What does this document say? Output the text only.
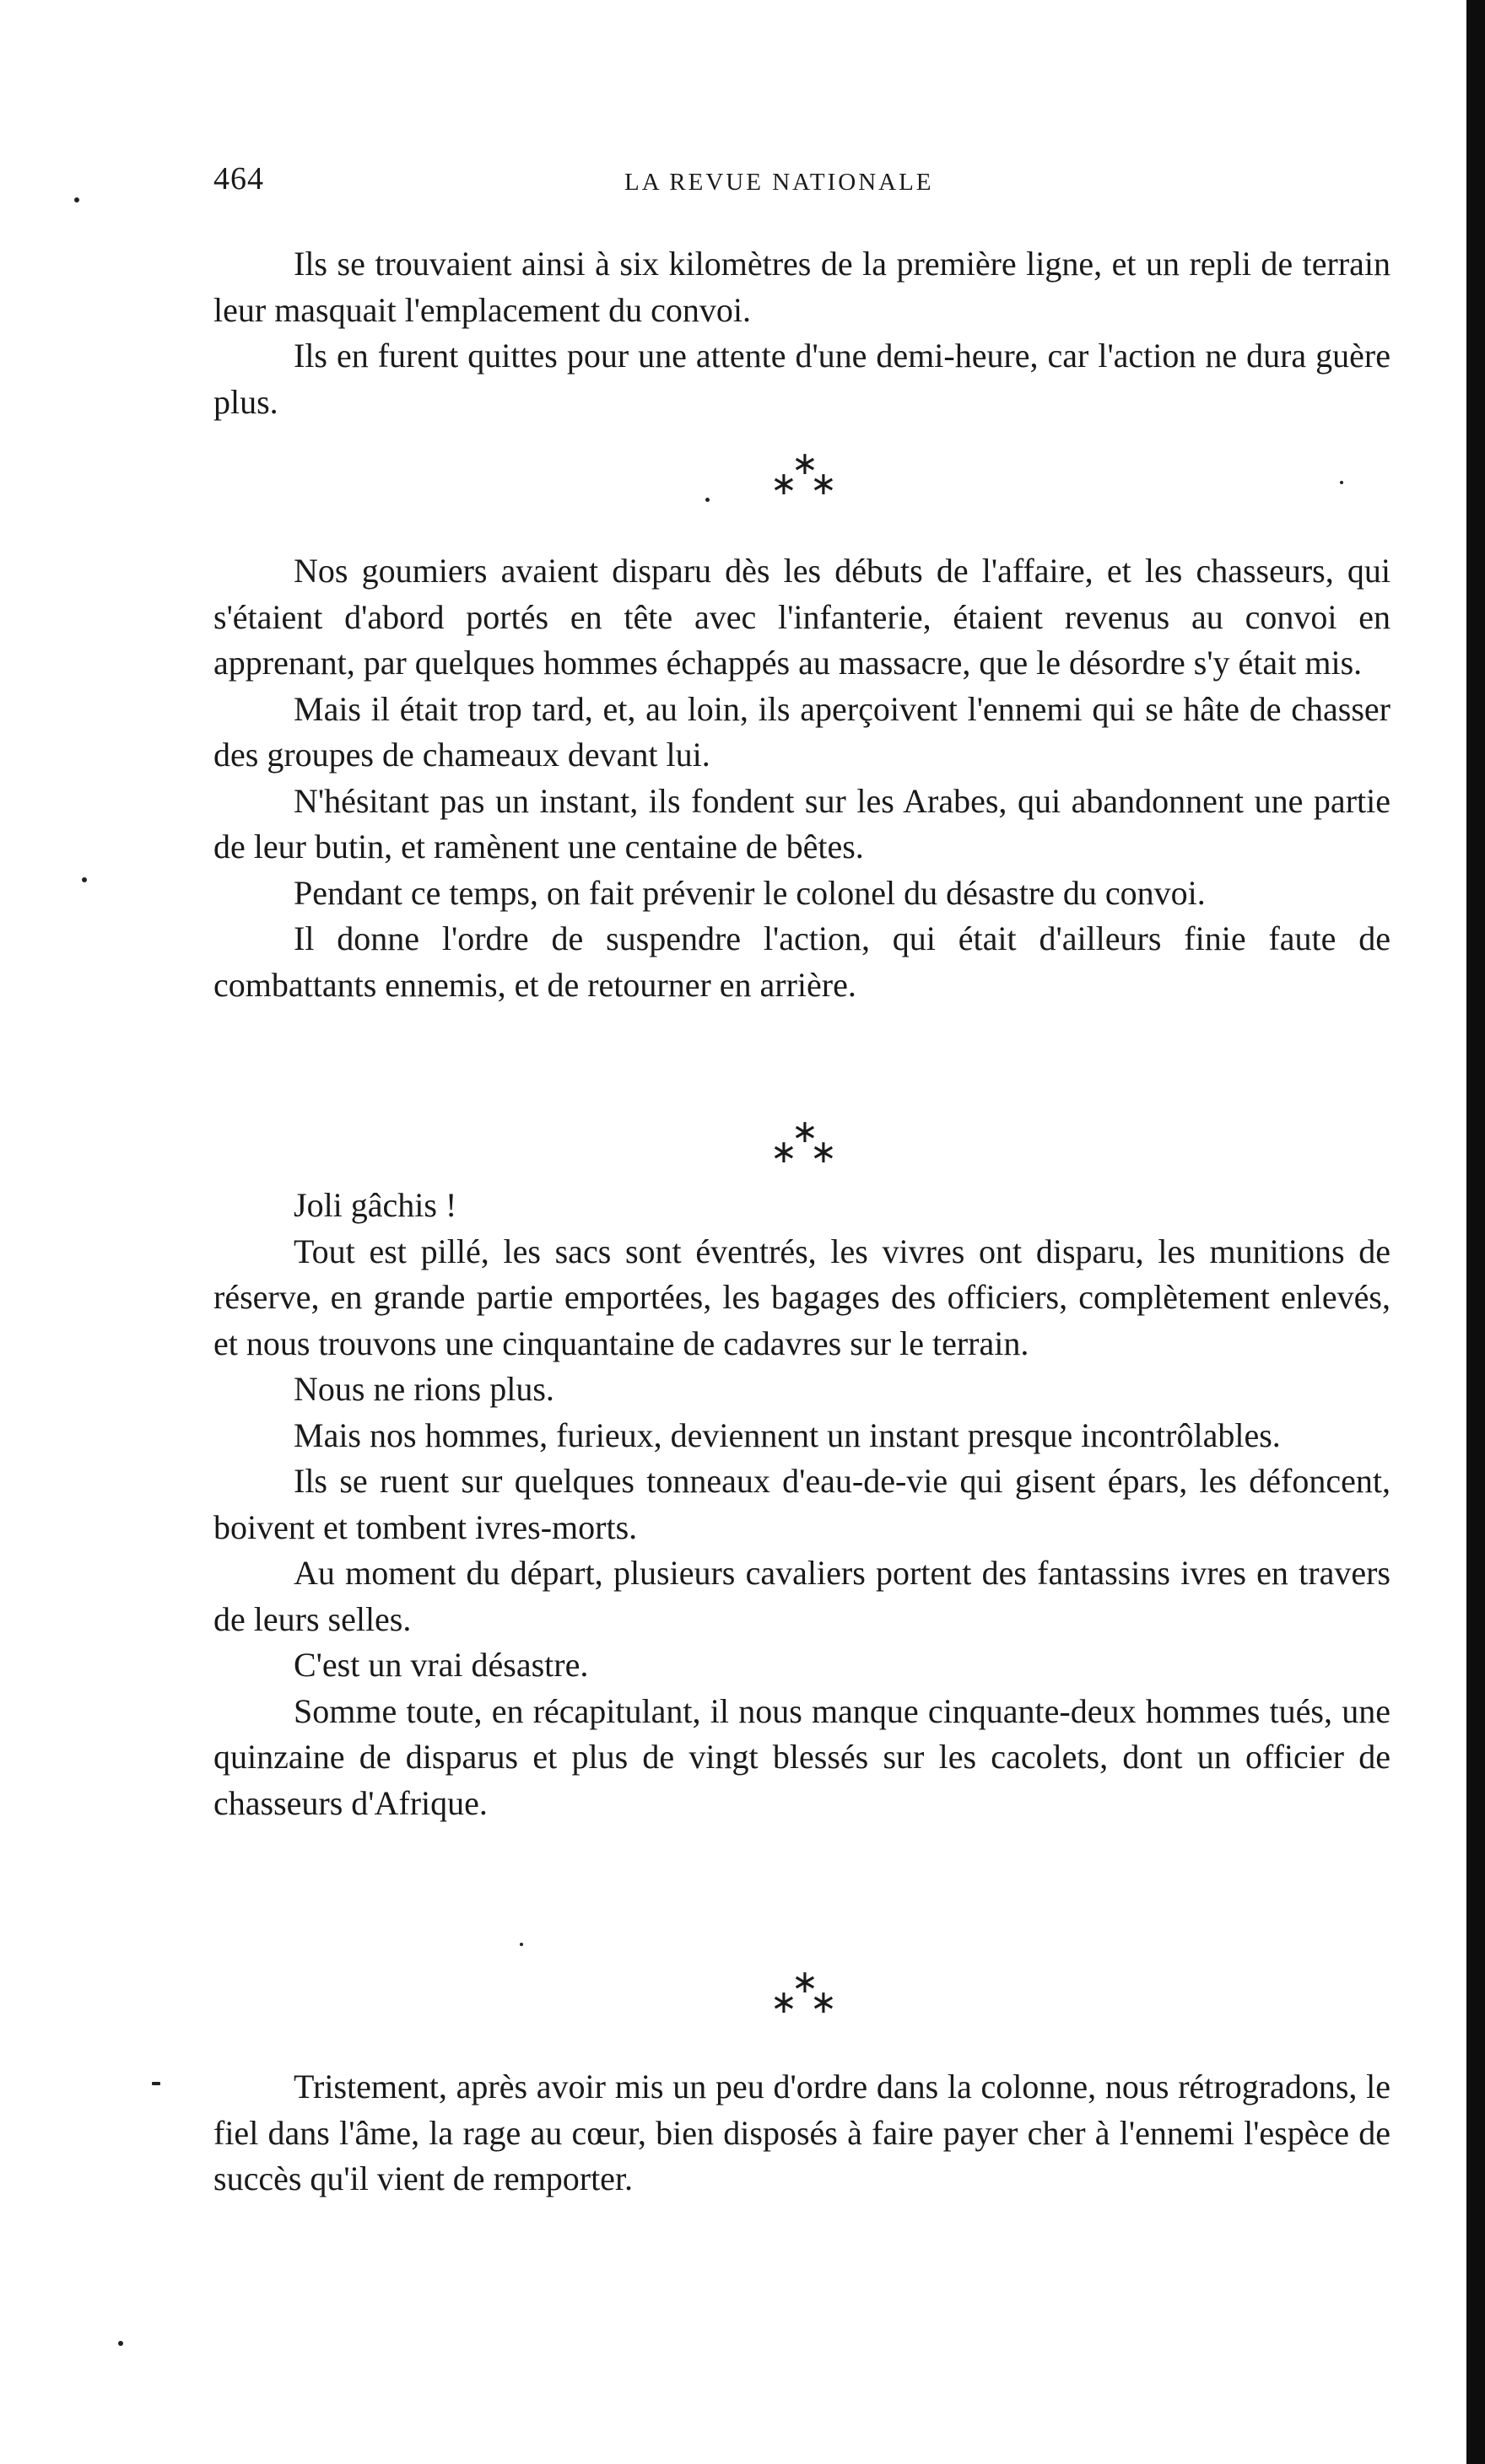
464	LA REVUE NATIONALE

Ils se trouvaient ainsi à six kilomètres de la première ligne, et un repli de terrain leur masquait l'emplacement du convoi.

Ils en furent quittes pour une attente d'une demi-heure, car l'action ne dura guère plus.

∗
∗ ∗

Nos goumiers avaient disparu dès les débuts de l'affaire, et les chasseurs, qui s'étaient d'abord portés en tête avec l'infanterie, étaient revenus au convoi en apprenant, par quelques hommes échappés au massacre, que le désordre s'y était mis.

Mais il était trop tard, et, au loin, ils aperçoivent l'ennemi qui se hâte de chasser des groupes de chameaux devant lui.

N'hésitant pas un instant, ils fondent sur les Arabes, qui abandonnent une partie de leur butin, et ramènent une centaine de bêtes.

Pendant ce temps, on fait prévenir le colonel du désastre du convoi.

Il donne l'ordre de suspendre l'action, qui était d'ailleurs finie faute de combattants ennemis, et de retourner en arrière.

∗
∗ ∗

Joli gâchis !

Tout est pillé, les sacs sont éventrés, les vivres ont disparu, les munitions de réserve, en grande partie emportées, les bagages des officiers, complètement enlevés, et nous trouvons une cinquantaine de cadavres sur le terrain.

Nous ne rions plus.

Mais nos hommes, furieux, deviennent un instant presque incontrôlables.

Ils se ruent sur quelques tonneaux d'eau-de-vie qui gisent épars, les défoncent, boivent et tombent ivres-morts.

Au moment du départ, plusieurs cavaliers portent des fantassins ivres en travers de leurs selles.

C'est un vrai désastre.

Somme toute, en récapitulant, il nous manque cinquante-deux hommes tués, une quinzaine de disparus et plus de vingt blessés sur les cacolets, dont un officier de chasseurs d'Afrique.

∗
∗ ∗

Tristement, après avoir mis un peu d'ordre dans la colonne, nous rétrogradons, le fiel dans l'âme, la rage au cœur, bien disposés à faire payer cher à l'ennemi l'espèce de succès qu'il vient de remporter.
